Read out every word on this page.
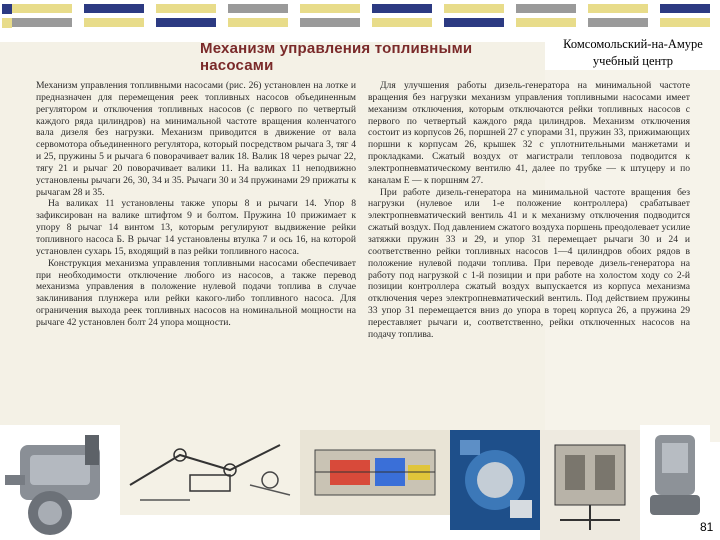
Комсомольский-на-Амуре
учебный центр
Механизм управления топливными насосами

Механизм управления топливными насосами (рис. 26) установлен на лотке и предназначен для перемещения реек топливных насосов объединенным регулятором и отключения топливных насосов (с первого по четвертый каждого ряда цилиндров) на минимальной частоте вращения коленчатого вала дизеля без нагрузки. Механизм приводится в движение от вала сервомотора объединенного регулятора, который посредством рычага 3, тяг 4 и 25, пружины 5 и рычага 6 поворачивает валик 18. Валик 18 через рычаг 22, тягу 21 и рычаг 20 поворачивает валики 11. На валиках 11 неподвижно установлены рычаги 26, 30, 34 и 35. Рычаги 30 и 34 пружинами 29 прижаты к рычагам 28 и 35.

На валиках 11 установлены также упоры 8 и рычаги 14. Упор 8 зафиксирован на валике штифтом 9 и болтом. Пружина 10 прижимает к упору 8 рычаг 14 винтом 13, которым регулируют выдвижение рейки топливного насоса Б. В рычаг 14 установлены втулка 7 и ось 16, на которой установлен сухарь 15, входящий в паз рейки топливного насоса.

Конструкция механизма управления топливными насосами обеспечивает при необходимости отключение любого из насосов, а также перевод механизма управления в положение нулевой подачи топлива в случае заклинивания плунжера или рейки какого-либо топливного насоса. Для ограничения выхода реек топливных насосов на номинальной мощности на рычаге 42 установлен болт 24 упора мощности.

Для улучшения работы дизель-генератора на минимальной частоте вращения без нагрузки механизм управления топливными насосами имеет механизм отключения, которым отключаются рейки топливных насосов с первого по четвертый каждого ряда цилиндров. Механизм отключения состоит из корпусов 26, поршней 27 с упорами 31, пружин 33, прижимающих поршни к корпусам 26, крышек 32 с уплотнительными манжетами и прокладками. Сжатый воздух от магистрали тепловоза подводится к электропневматическому вентилю 41, далее по трубке — к штуцеру и по каналам Е — к поршням 27.

При работе дизель-генератора на минимальной частоте вращения без нагрузки (нулевое или 1-е положение контроллера) срабатывает электропневматический вентиль 41 и к механизму отключения подводится сжатый воздух. Под давлением сжатого воздуха поршень преодолевает усилие затяжки пружин 33 и 29, и упор 31 перемещает рычаги 30 и 24 и соответственно рейки топливных насосов 1—4 цилиндров обоих рядов в положение нулевой подачи топлива. При переводе дизель-генератора на работу под нагрузкой с 1-й позиции и при работе на холостом ходу со 2-й позиции контроллера сжатый воздух выпускается из корпуса механизма отключения через электропневматический вентиль. Под действием пружины 33 упор 31 перемещается вниз до упора в торец корпуса 26, а пружина 29 переставляет рычаги и, соответственно, рейки отключенных насосов на подачу топлива.

81
